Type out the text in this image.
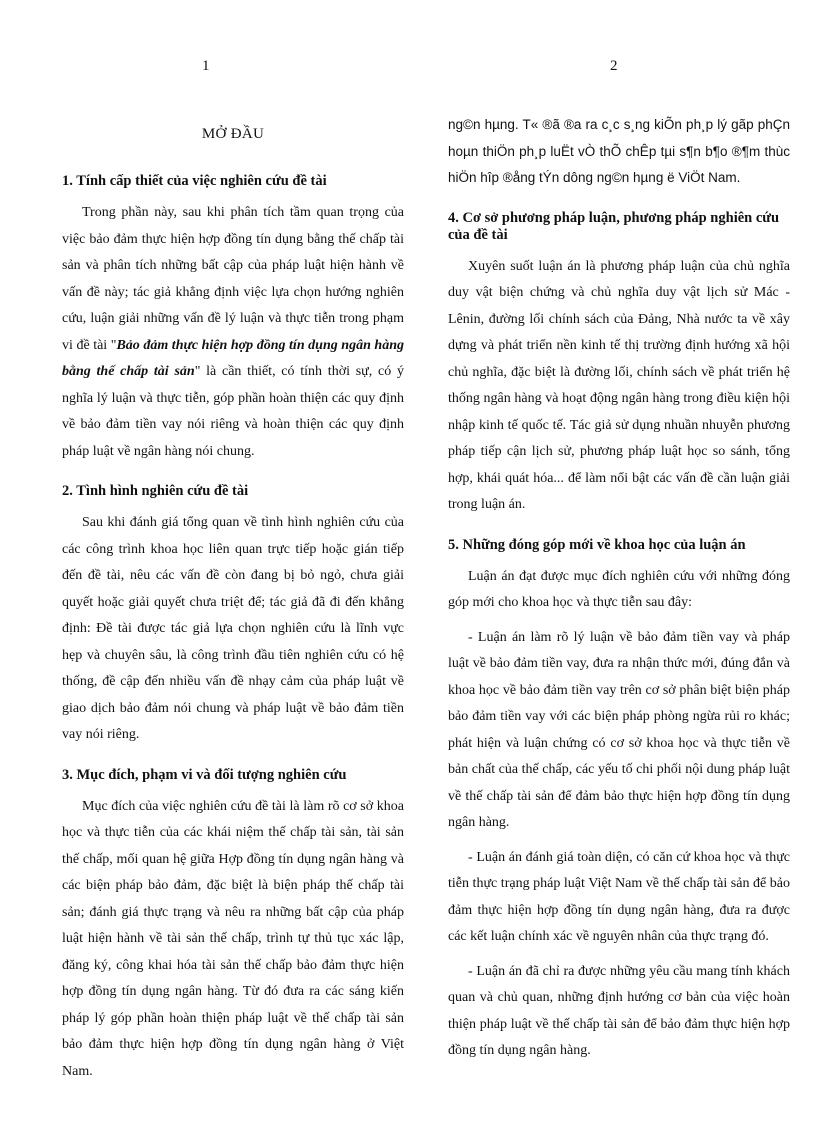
1	2
MỞ ĐẦU
1. Tính cấp thiết của việc nghiên cứu đề tài

Trong phần này, sau khi phân tích tầm quan trọng của việc bảo đảm thực hiện hợp đồng tín dụng bằng thế chấp tài sản và phân tích những bất cập của pháp luật hiện hành về vấn đề này; tác giả khẳng định việc lựa chọn hướng nghiên cứu, luận giải những vấn đề lý luận và thực tiễn trong phạm vi đề tài "Bảo đảm thực hiện hợp đồng tín dụng ngân hàng bằng thế chấp tài sản" là cần thiết, có tính thời sự, có ý nghĩa lý luận và thực tiễn, góp phần hoàn thiện các quy định về bảo đảm tiền vay nói riêng và hoàn thiện các quy định pháp luật về ngân hàng nói chung.

2. Tình hình nghiên cứu đề tài

Sau khi đánh giá tổng quan về tình hình nghiên cứu của các công trình khoa học liên quan trực tiếp hoặc gián tiếp đến đề tài, nêu các vấn đề còn đang bị bỏ ngỏ, chưa giải quyết hoặc giải quyết chưa triệt để; tác giả đã đi đến khẳng định: Đề tài được tác giả lựa chọn nghiên cứu là lĩnh vực hẹp và chuyên sâu, là công trình đầu tiên nghiên cứu có hệ thống, đề cập đến nhiều vấn đề nhạy cảm của pháp luật về giao dịch bảo đảm nói chung và pháp luật về bảo đảm tiền vay nói riêng.

3. Mục đích, phạm vi và đối tượng nghiên cứu

Mục đích của việc nghiên cứu đề tài là làm rõ cơ sở khoa học và thực tiễn của các khái niệm thế chấp tài sản, tài sản thế chấp, mối quan hệ giữa Hợp đồng tín dụng ngân hàng và các biện pháp bảo đảm, đặc biệt là biện pháp thế chấp tài sản; đánh giá thực trạng và nêu ra những bất cập của pháp luật hiện hành về tài sản thế chấp, trình tự thủ tục xác lập, đăng ký, công khai hóa tài sản thế chấp bảo đảm thực hiện hợp đồng tín dụng ngân hàng. Từ đó đưa ra các sáng kiến pháp lý góp phần hoàn thiện pháp luật về thế chấp tài sản bảo đảm thực hiện hợp đồng tín dụng ngân hàng ở Việt Nam.

ng©n hµng. T« ®ã ®a ra c¸c s¸ng kiÕn ph¸p lý gãp phÇn hoµn thiÖn ph¸p luËt vÒ thÕ chÊp tµi s¶n b¶o ®¶m thùc hiÖn hîp ®ång tÝn dông ng©n hµng ë ViÖt Nam.

4. Cơ sở phương pháp luận, phương pháp nghiên cứu của đề tài

Xuyên suốt luận án là phương pháp luận của chủ nghĩa duy vật biện chứng và chủ nghĩa duy vật lịch sử Mác - Lênin, đường lối chính sách của Đảng, Nhà nước ta về xây dựng và phát triển nền kinh tế thị trường định hướng xã hội chủ nghĩa, đặc biệt là đường lối, chính sách về phát triển hệ thống ngân hàng và hoạt động ngân hàng trong điều kiện hội nhập kinh tế quốc tế. Tác giả sử dụng nhuần nhuyễn phương pháp tiếp cận lịch sử, phương pháp luật học so sánh, tổng hợp, khái quát hóa... để làm nổi bật các vấn đề cần luận giải trong luận án.

5. Những đóng góp mới về khoa học của luận án

Luận án đạt được mục đích nghiên cứu với những đóng góp mới cho khoa học và thực tiễn sau đây:

- Luận án làm rõ lý luận về bảo đảm tiền vay và pháp luật về bảo đảm tiền vay, đưa ra nhận thức mới, đúng đắn và khoa học về bảo đảm tiền vay trên cơ sở phân biệt biện pháp bảo đảm tiền vay với các biện pháp phòng ngừa rủi ro khác; phát hiện và luận chứng có cơ sở khoa học và thực tiễn về bản chất của thế chấp, các yếu tố chi phối nội dung pháp luật về thế chấp tài sản để đảm bảo thực hiện hợp đồng tín dụng ngân hàng.

- Luận án đánh giá toàn diện, có căn cứ khoa học và thực tiễn thực trạng pháp luật Việt Nam về thế chấp tài sản để bảo đảm thực hiện hợp đồng tín dụng ngân hàng, đưa ra được các kết luận chính xác về nguyên nhân của thực trạng đó.

- Luận án đã chỉ ra được những yêu cầu mang tính khách quan và chủ quan, những định hướng cơ bản của việc hoàn thiện pháp luật về thế chấp tài sản để bảo đảm thực hiện hợp đồng tín dụng ngân hàng.
